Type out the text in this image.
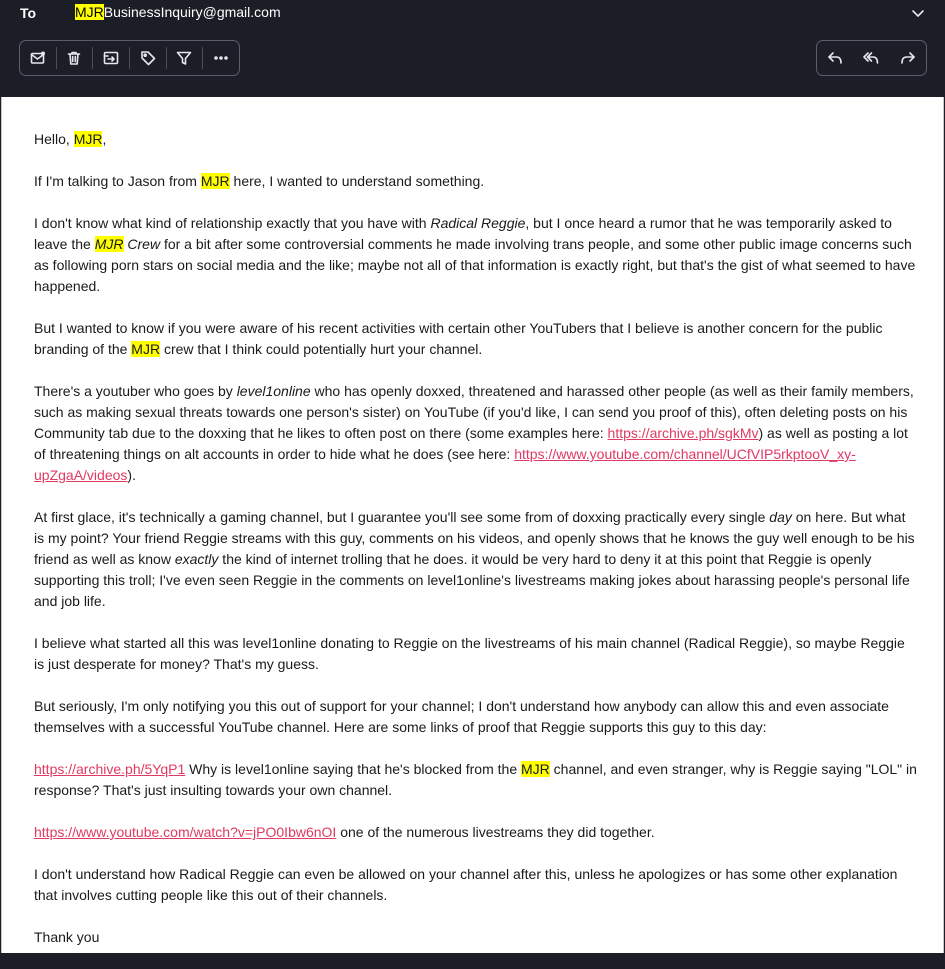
To	MJRBusinessInquiry@gmail.com

Hello, MJR,

If I'm talking to Jason from MJR here, I wanted to understand something.

I don't know what kind of relationship exactly that you have with Radical Reggie, but I once heard a rumor that he was temporarily asked to leave the MJR Crew for a bit after some controversial comments he made involving trans people, and some other public image concerns such as following porn stars on social media and the like; maybe not all of that information is exactly right, but that's the gist of what seemed to have happened.

But I wanted to know if you were aware of his recent activities with certain other YouTubers that I believe is another concern for the public branding of the MJR crew that I think could potentially hurt your channel.

There's a youtuber who goes by level1online who has openly doxxed, threatened and harassed other people (as well as their family members, such as making sexual threats towards one person's sister) on YouTube (if you'd like, I can send you proof of this), often deleting posts on his Community tab due to the doxxing that he likes to often post on there (some examples here: https://archive.ph/sgkMv) as well as posting a lot of threatening things on alt accounts in order to hide what he does (see here: https://www.youtube.com/channel/UCfVIP5rkptooV_xy-upZgaA/videos).

At first glace, it's technically a gaming channel, but I guarantee you'll see some from of doxxing practically every single day on here. But what is my point? Your friend Reggie streams with this guy, comments on his videos, and openly shows that he knows the guy well enough to be his friend as well as know exactly the kind of internet trolling that he does. it would be very hard to deny it at this point that Reggie is openly supporting this troll; I've even seen Reggie in the comments on level1online's livestreams making jokes about harassing people's personal life and job life.

I believe what started all this was level1online donating to Reggie on the livestreams of his main channel (Radical Reggie), so maybe Reggie is just desperate for money? That's my guess.

But seriously, I'm only notifying you this out of support for your channel; I don't understand how anybody can allow this and even associate themselves with a successful YouTube channel. Here are some links of proof that Reggie supports this guy to this day:

https://archive.ph/5YqP1 Why is level1online saying that he's blocked from the MJR channel, and even stranger, why is Reggie saying "LOL" in response? That's just insulting towards your own channel.

https://www.youtube.com/watch?v=jPO0Ibw6nOI one of the numerous livestreams they did together.

I don't understand how Radical Reggie can even be allowed on your channel after this, unless he apologizes or has some other explanation that involves cutting people like this out of their channels.

Thank you
